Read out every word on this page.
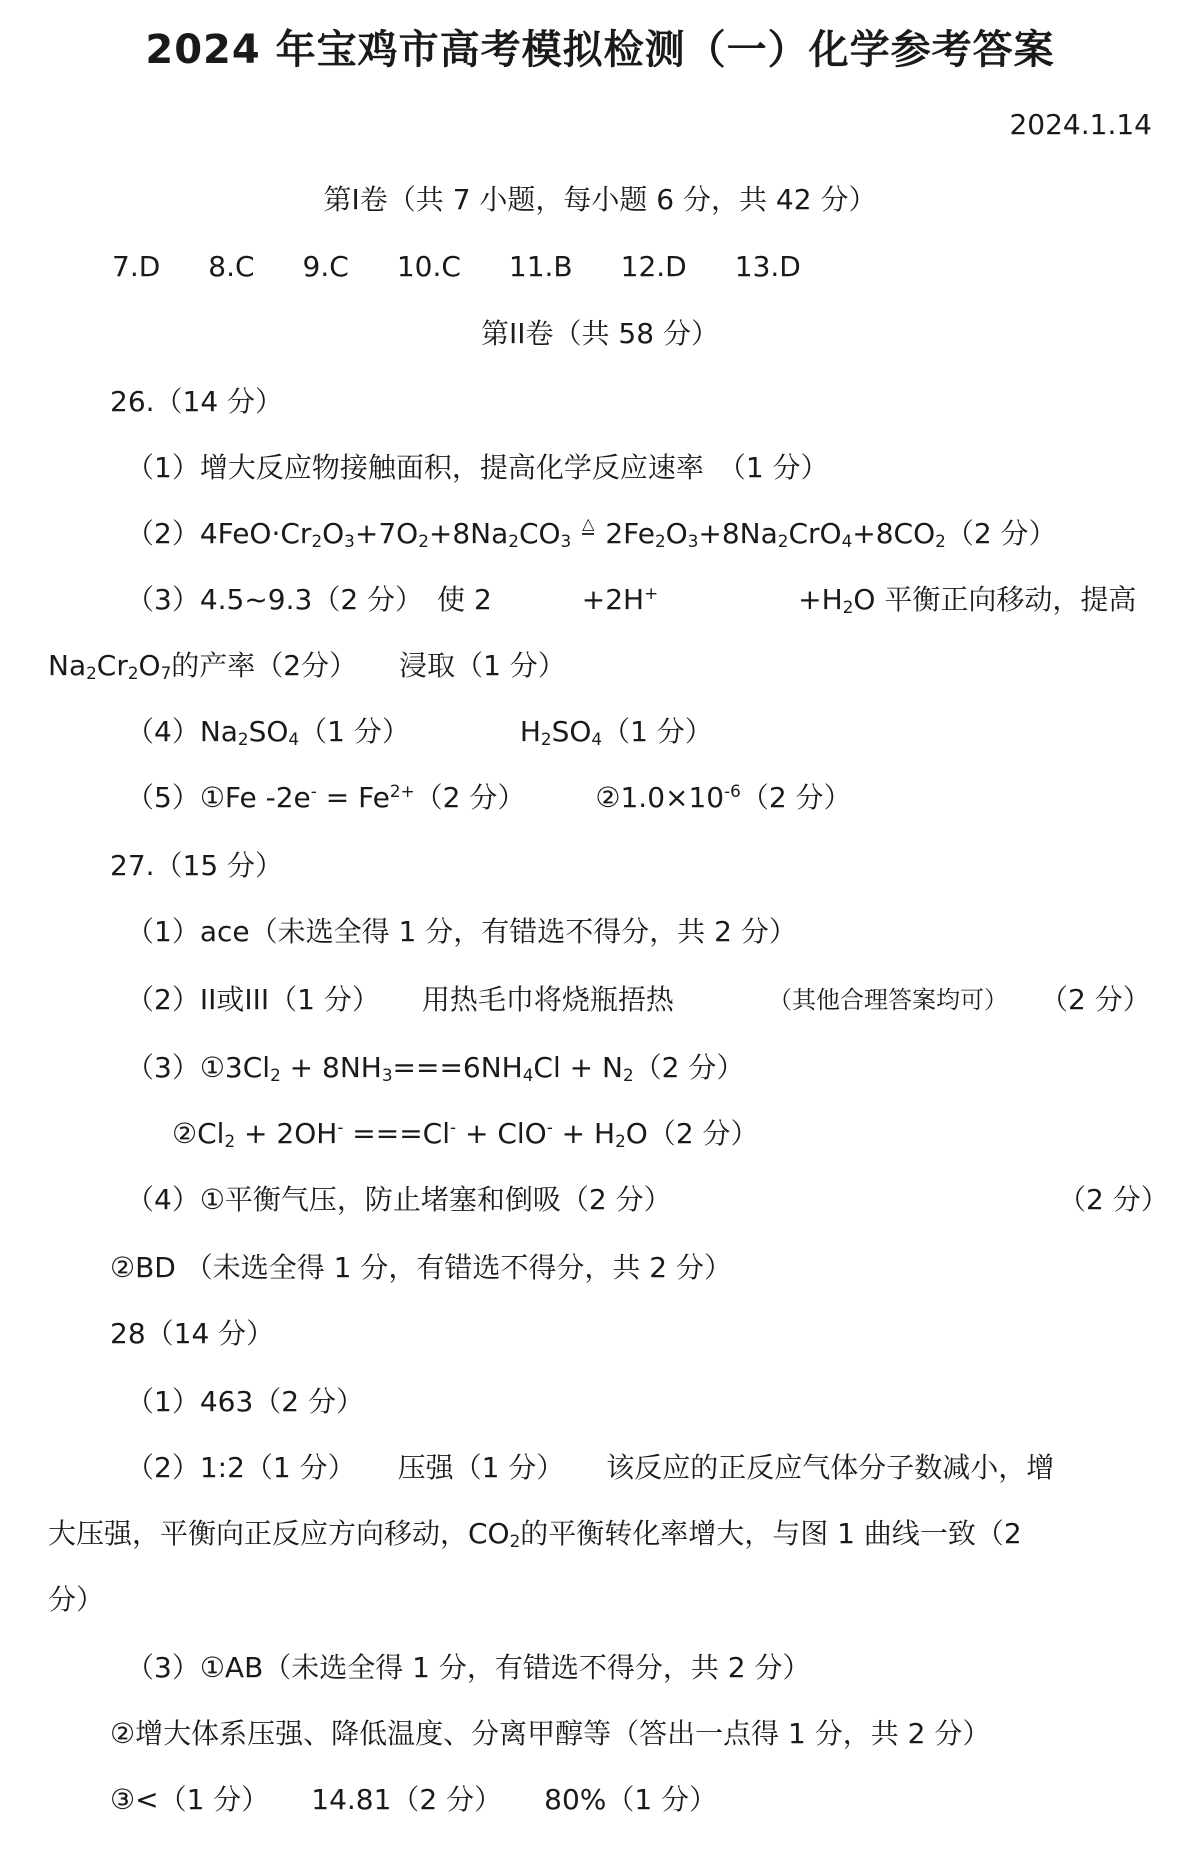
2024 年宝鸡市高考模拟检测（一）化学参考答案
2024.1.14
第I卷（共 7 小题，每小题 6 分，共 42 分）
7.D 8.C 9.C 10.C 11.B 12.D 13.D
第II卷（共 58 分）
26.（14 分）
（1）增大反应物接触面积，提高化学反应速率　（1 分）
$(2)4FeO\cdot Cr_2O_3+7O_2+8Na_2CO_3$ △ $2Fe_2O_3+8Na_2CrO_4+8CO_2(2$ 分）
（3）4.5~9.3（2 分）　使 2	+2H+	$+H_2O$ 平衡正向移动，提高
$Na_2Cr_2O_7$的产率（2分）　　浸取（1 分）
$(4)Na_2SO_4(1$ 分）	$H_2SO_4(1$ 分）
（5）①Fe $-2e^- = Fe^{2+}(2$ 分）	$②1.0\times 10^{-6}(2$ 分）
27.（15 分）
（1）ace（未选全得 1 分，有错选不得分，共 2 分）
（2）II或III（1 分）　　用热毛巾将烧瓶捂热	（其他合理答案均可） （2 分）
$(3)①3Cl_2 + 8NH_3===6NH_4Cl + N_2(2$ 分）
$②Cl_2 + 2OH^- ===Cl^- + ClO^- + H_2O(2$ 分）
（4）①平衡气压，防止堵塞和倒吸（2 分）	（2 分）
②BD （未选全得 1 分，有错选不得分，共 2 分）
28（14 分）
（1）463（2 分）
（2）1:2（1 分）　　压强（1 分）　　该反应的正反应气体分子数减小，增
大压强，平衡向正反应方向移动，$CO_2$的平衡转化率增大，与图 1 曲线一致（2
分）
（3）①AB（未选全得 1 分，有错选不得分，共 2 分）
②增大体系压强、降低温度、分离甲醇等（答出一点得 1 分，共 2 分）
③<（1 分）　　14.81（2 分）　　80%（1 分）
